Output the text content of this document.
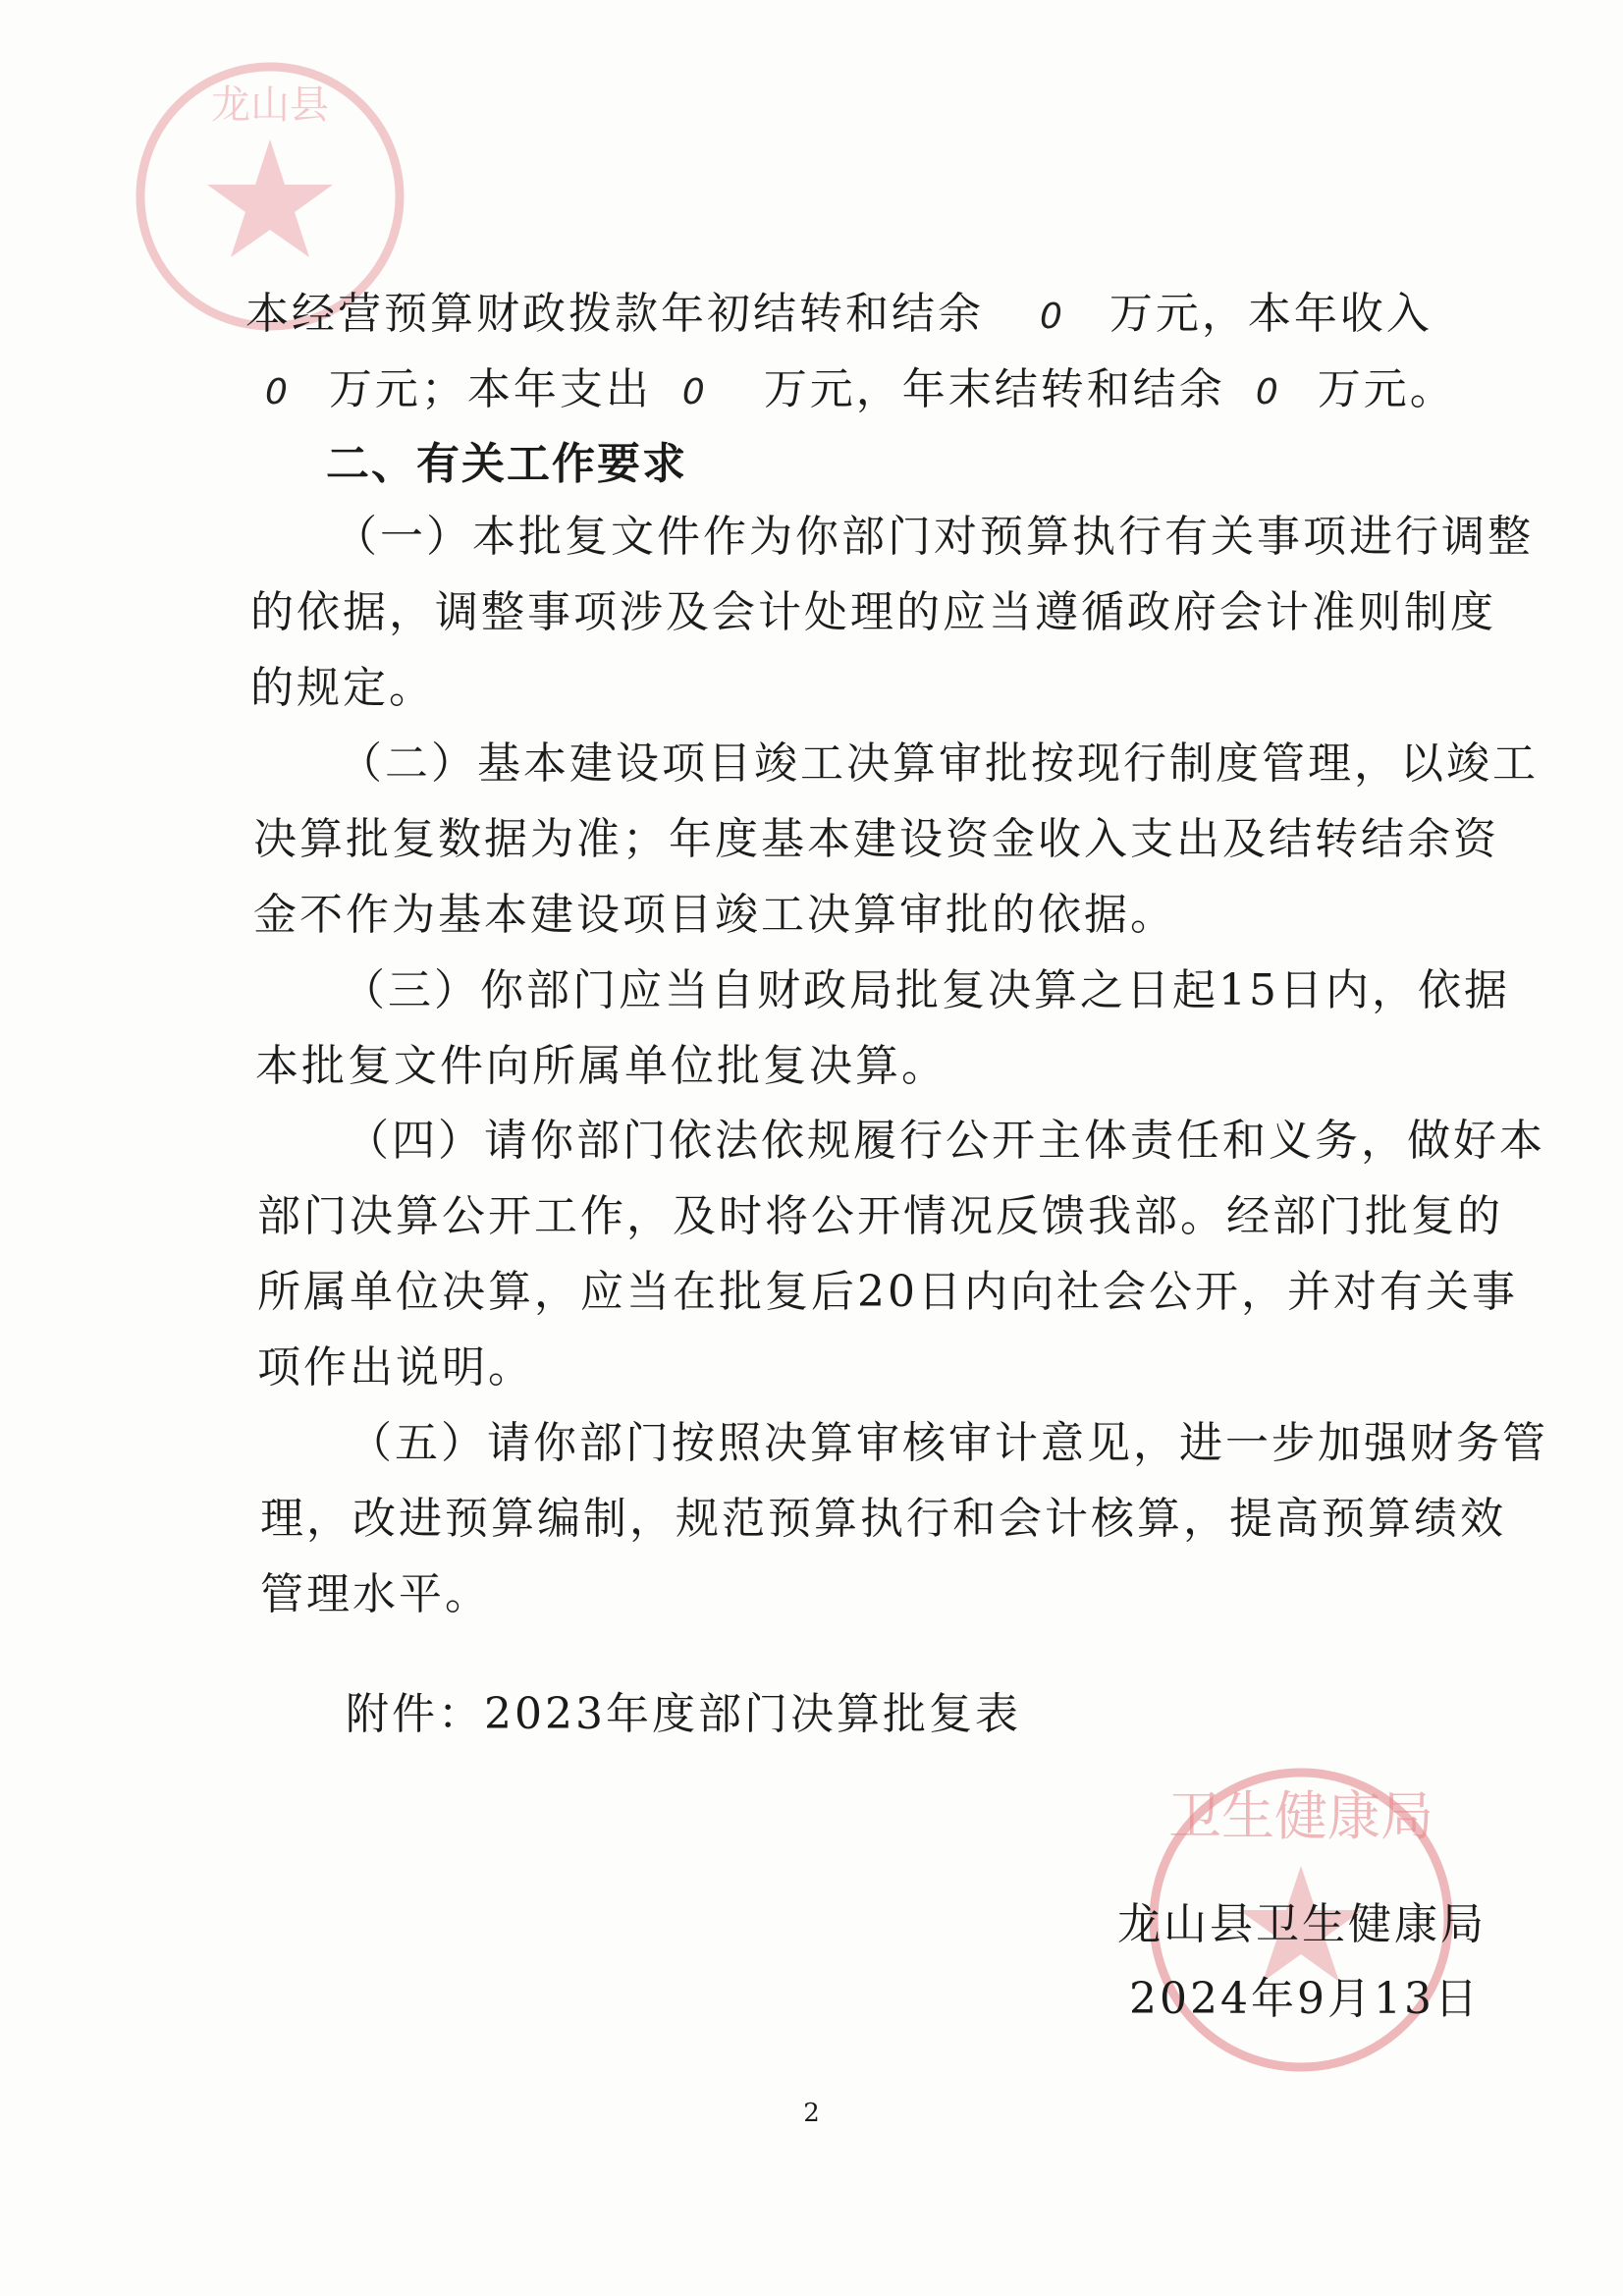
龙山县
卫生健康局
本经营预算财政拨款年初结转和结余 0 万元，本年收入
0 万元；本年支出 0 万元，年末结转和结余 0 万元。
二、有关工作要求
（一）本批复文件作为你部门对预算执行有关事项进行调整
的依据，调整事项涉及会计处理的应当遵循政府会计准则制度
的规定。
（二）基本建设项目竣工决算审批按现行制度管理，以竣工
决算批复数据为准；年度基本建设资金收入支出及结转结余资
金不作为基本建设项目竣工决算审批的依据。
（三）你部门应当自财政局批复决算之日起15日内，依据
本批复文件向所属单位批复决算。
（四）请你部门依法依规履行公开主体责任和义务，做好本
部门决算公开工作，及时将公开情况反馈我部。经部门批复的
所属单位决算，应当在批复后20日内向社会公开，并对有关事
项作出说明。
（五）请你部门按照决算审核审计意见，进一步加强财务管
理，改进预算编制，规范预算执行和会计核算，提高预算绩效
管理水平。
附件：2023年度部门决算批复表
龙山县卫生健康局
2024年9月13日
2
